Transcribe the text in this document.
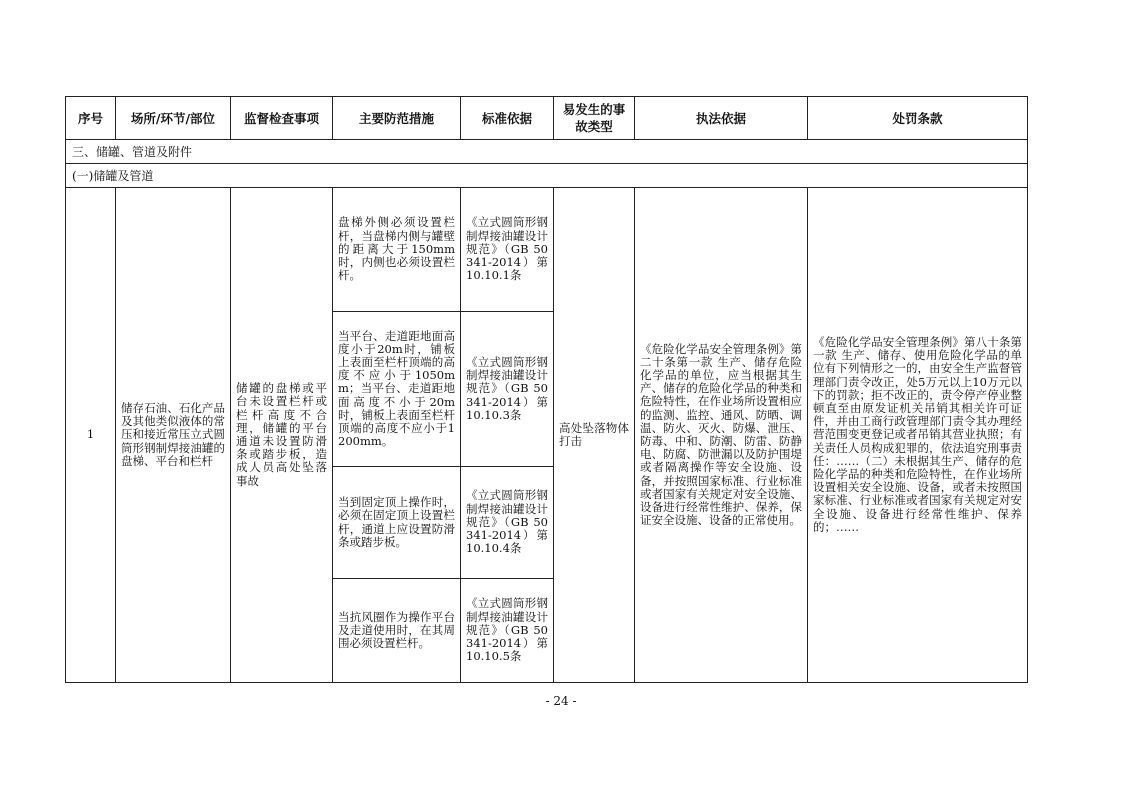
序号	场所/环节/部位	监督检查事项	主要防范措施	标准依据	易发生的事故类型	执法依据	处罚条款
三、储罐、管道及附件							
(一)储罐及管道							
1	储存石油、石化产品及其他类似液体的常压和接近常压立式圆筒形钢制焊接油罐的盘梯、平台和栏杆	储罐的盘梯或平台未设置栏杆或栏杆高度不合理，储罐的平台通道未设置防滑条或踏步板，造成人员高处坠落事故	盘梯外侧必须设置栏杆，当盘梯内侧与罐壁的距离大于150mm时，内侧也必须设置栏杆。	《立式圆筒形钢制焊接油罐设计规范》（GB 50341-2014）第10.10.1条	高处坠落物体打击	《危险化学品安全管理条例》第二十条第一款 生产、储存危险化学品的单位，应当根据其生产、储存的危险化学品的种类和危险特性，在作业场所设置相应的监测、监控、通风、防晒、调温、防火、灭火、防爆、泄压、防毒、中和、防潮、防雷、防静电、防腐、防泄漏以及防护围堤或者隔离操作等安全设施、设备，并按照国家标准、行业标准或者国家有关规定对安全设施、设备进行经常性维护、保养，保证安全设施、设备的正常使用。	《危险化学品安全管理条例》第八十条第一款 生产、储存、使用危险化学品的单位有下列情形之一的，由安全生产监督管理部门责令改正，处5万元以上10万元以下的罚款；拒不改正的，责令停产停业整顿直至由原发证机关吊销其相关许可证件，并由工商行政管理部门责令其办理经营范围变更登记或者吊销其营业执照；有关责任人员构成犯罪的，依法追究刑事责任：……（二）未根据其生产、储存的危险化学品的种类和危险特性，在作业场所设置相关安全设施、设备，或者未按照国家标准、行业标准或者国家有关规定对安全设施、设备进行经常性维护、保养的；……
			当平台、走道距地面高度小于20m时，铺板上表面至栏杆顶端的高度不应小于1050mm；当平台、走道距地面高度不小于20m时，铺板上表面至栏杆顶端的高度不应小于1200mm。	《立式圆筒形钢制焊接油罐设计规范》（GB 50341-2014）第10.10.3条			
			当到固定顶上操作时，必须在固定顶上设置栏杆，通道上应设置防滑条或踏步板。	《立式圆筒形钢制焊接油罐设计规范》（GB 50341-2014）第10.10.4条			
			当抗风圈作为操作平台及走道使用时，在其周围必须设置栏杆。	《立式圆筒形钢制焊接油罐设计规范》（GB 50341-2014）第10.10.5条			
- 24 -
